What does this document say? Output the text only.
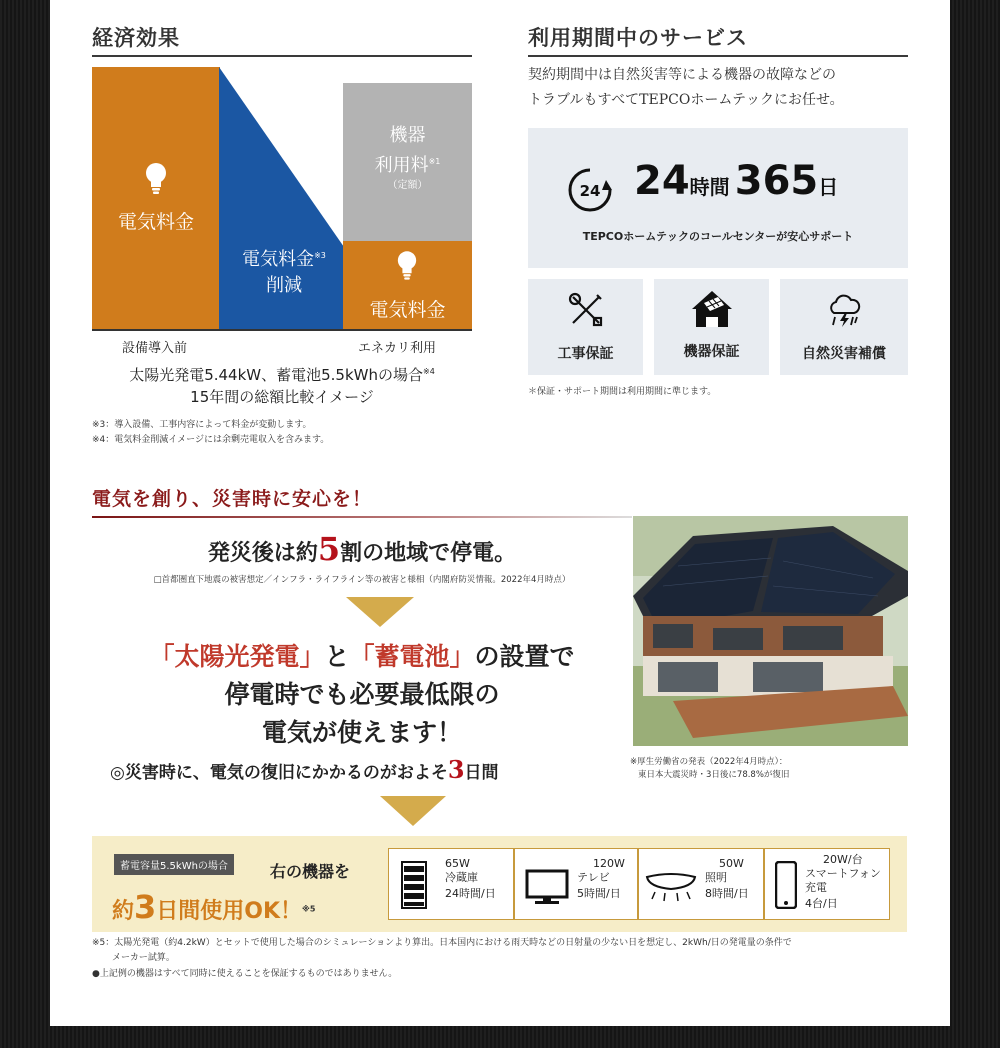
経済効果
電気料金
電気料金$^{※3}$
削減
機器
利用料$^{※1}$

（定額）
電気料金
設備導入前	エネカリ利用
太陽光発電5.44kW、蓄電池5.5kWhの場合$^{※4}$
15年間の総額比較イメージ
※3：導入設備、工事内容によって料金が変動します。
※4：電気料金削減イメージには余剰売電収入を含みます。
利用期間中のサービス
契約期間中は自然災害等による機器の故障などの
トラブルもすべてTEPCOホームテックにお任せ。
24 24時間 365日
TEPCOホームテックのコールセンターが安心サポート
工事保証	機器保証	自然災害補償
＊保証・サポート期間は利用期間に準じます。
電気を創り、災害時に安心を！
発災後は約5割の地域で停電。
□首都圏直下地震の被害想定／インフラ・ライフライン等の被害と様相（内閣府防災情報。2022年4月時点）
「太陽光発電」と「蓄電池」の設置で
停電時でも必要最低限の
電気が使えます！
◎災害時に、電気の復旧にかかるのがおよそ3日間
※厚生労働省の発表（2022年4月時点）：
東日本大震災時・3日後に78.8%が復旧
蓄電容量5.5kWhの場合	右の機器を
約3日間使用OK！$^{※5}$
65W
冷蔵庫
24時間/日
120W
テレビ
5時間/日
50W
照明
8時間/日
20W/台
スマートフォン
充電
4台/日
※5：太陽光発電（約4.2kW）とセットで使用した場合のシミュレーションより算出。日本国内における雨天時などの日射量の少ない日を想定し、2kWh/日の発電量の条件で
メーカー試算。
●上記例の機器はすべて同時に使えることを保証するものではありません。
